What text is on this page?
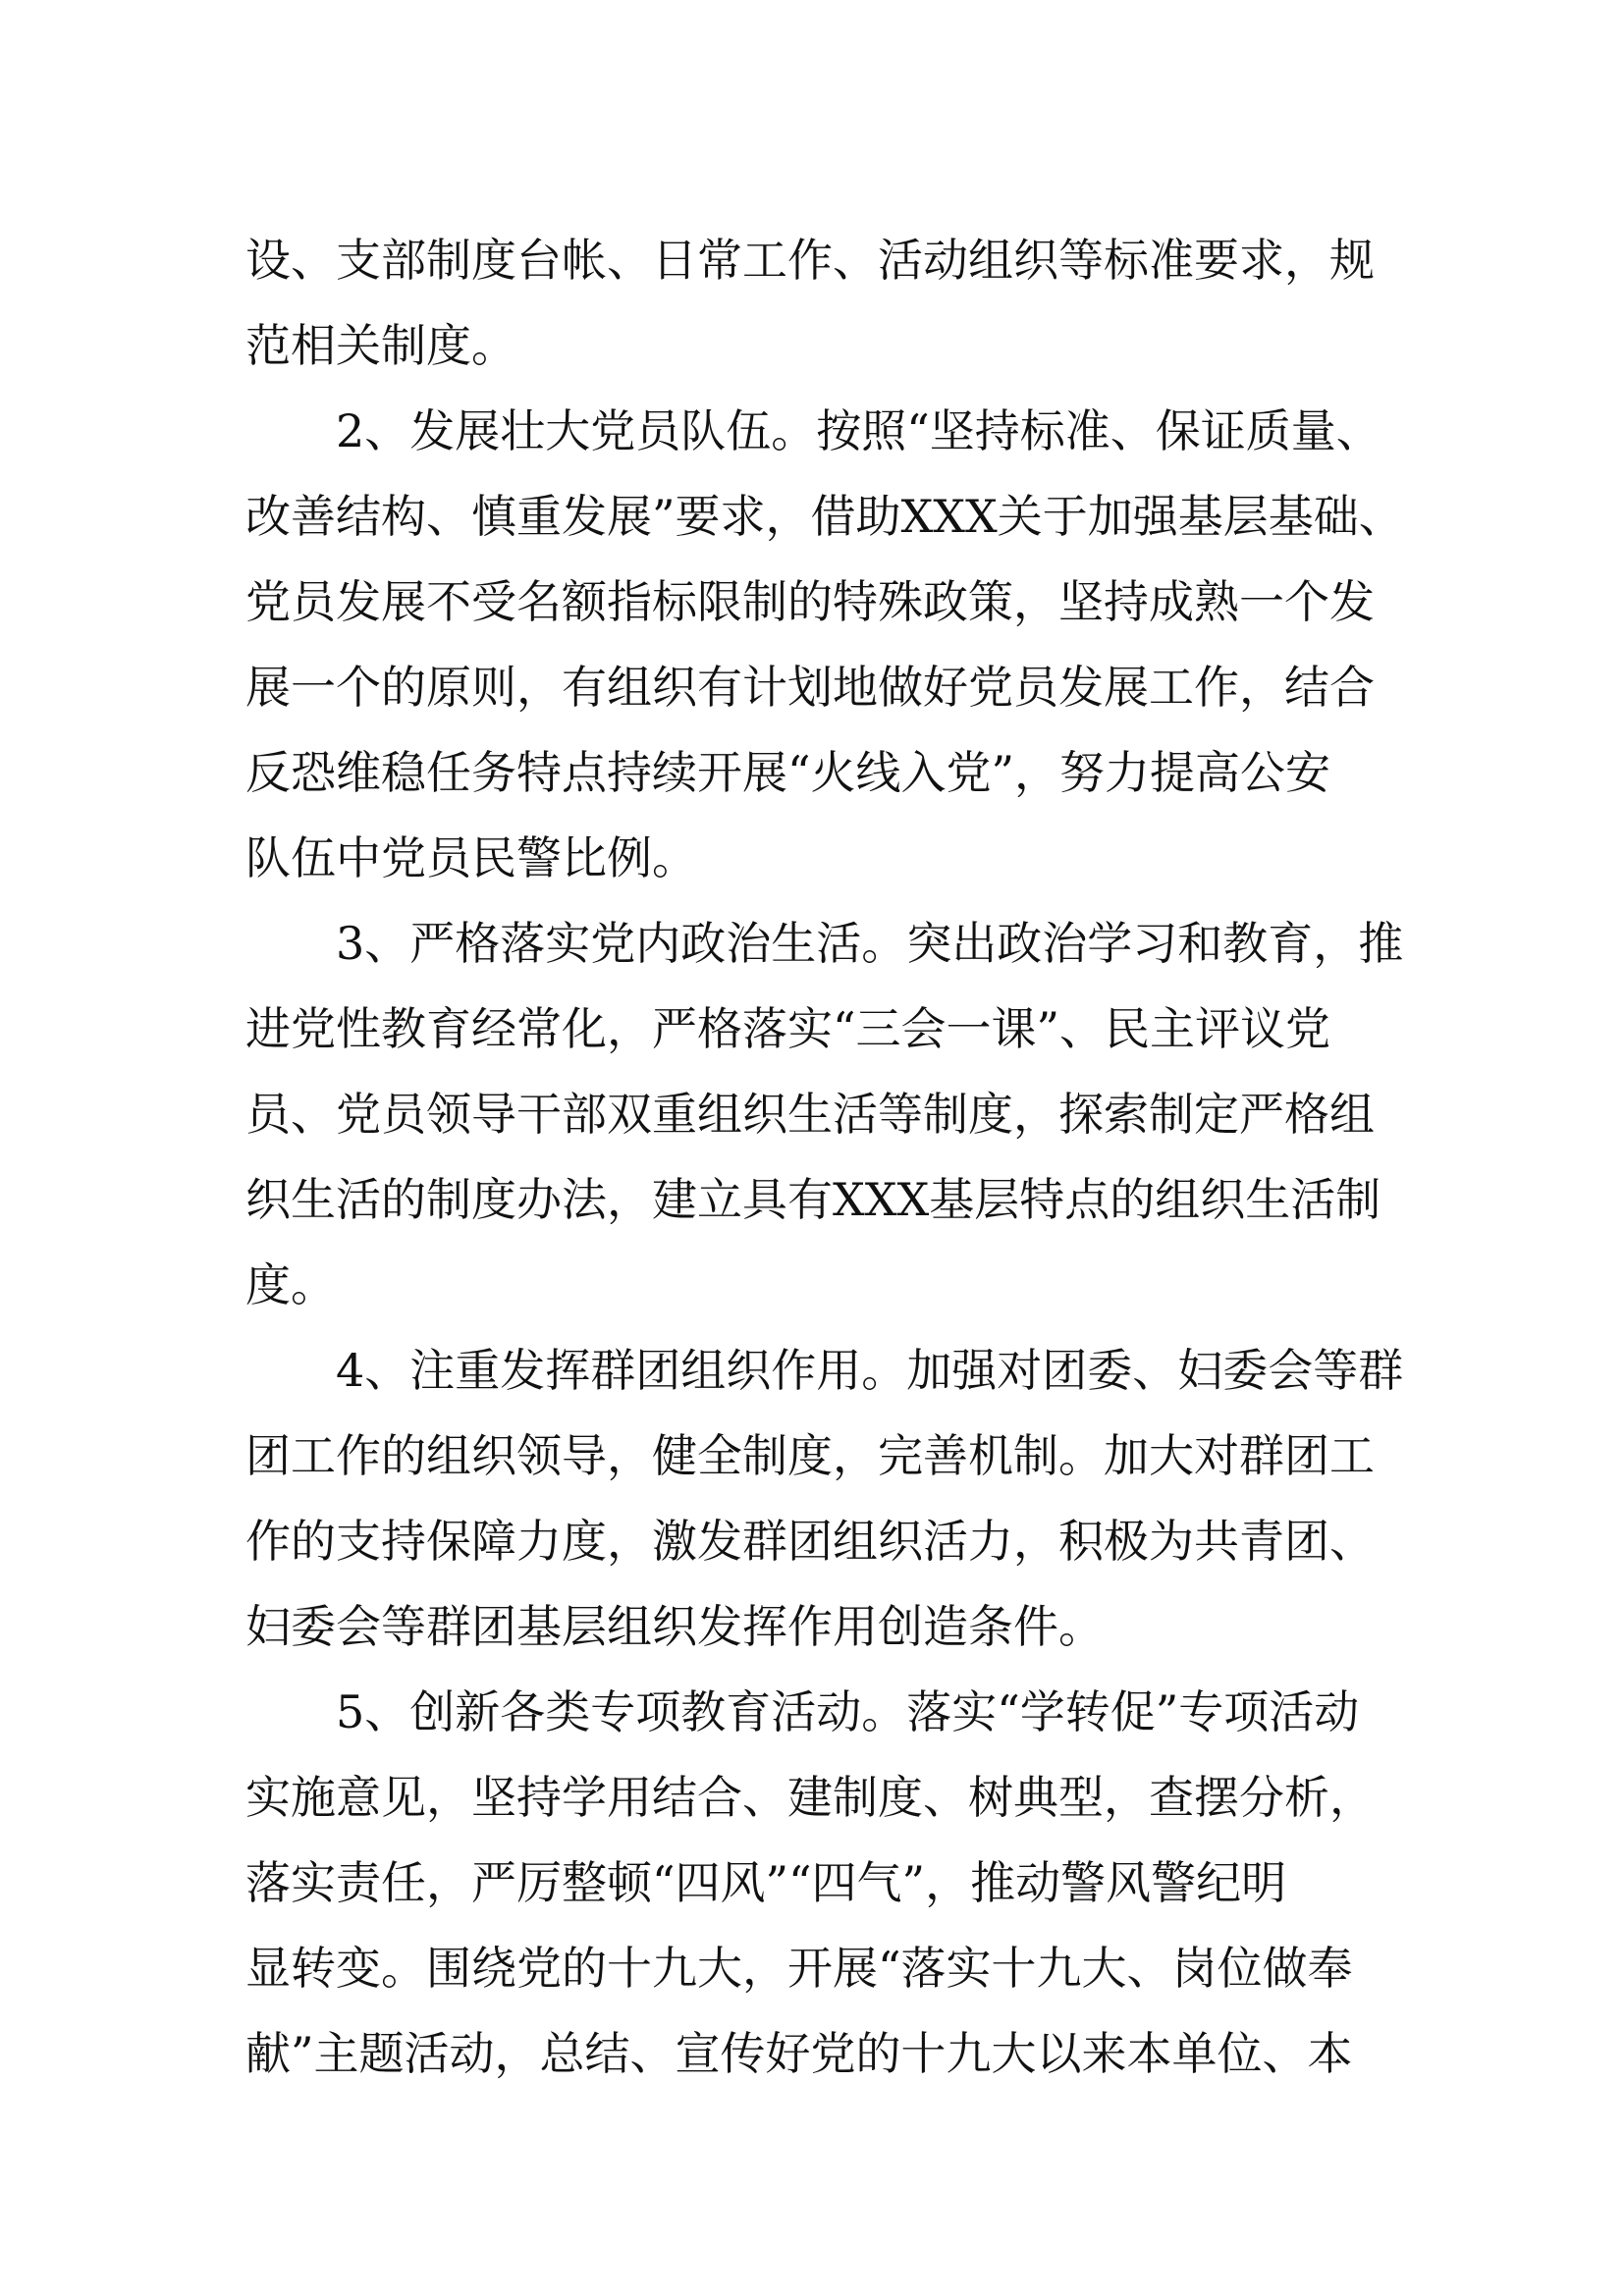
设、支部制度台帐、日常工作、活动组织等标准要求，规
范相关制度。
2、发展壮大党员队伍。按照“坚持标准、保证质量、
改善结构、慎重发展”要求，借助XXX关于加强基层基础、
党员发展不受名额指标限制的特殊政策，坚持成熟一个发
展一个的原则，有组织有计划地做好党员发展工作，结合
反恐维稳任务特点持续开展“火线入党”，努力提高公安
队伍中党员民警比例。
3、严格落实党内政治生活。突出政治学习和教育，推
进党性教育经常化，严格落实“三会一课”、民主评议党
员、党员领导干部双重组织生活等制度，探索制定严格组
织生活的制度办法，建立具有XXX基层特点的组织生活制
度。
4、注重发挥群团组织作用。加强对团委、妇委会等群
团工作的组织领导，健全制度，完善机制。加大对群团工
作的支持保障力度，激发群团组织活力，积极为共青团、
妇委会等群团基层组织发挥作用创造条件。
5、创新各类专项教育活动。落实“学转促”专项活动
实施意见，坚持学用结合、建制度、树典型，查摆分析，
落实责任，严厉整顿“四风”“四气”，推动警风警纪明
显转变。围绕党的十九大，开展“落实十九大、岗位做奉
献”主题活动，总结、宣传好党的十九大以来本单位、本
